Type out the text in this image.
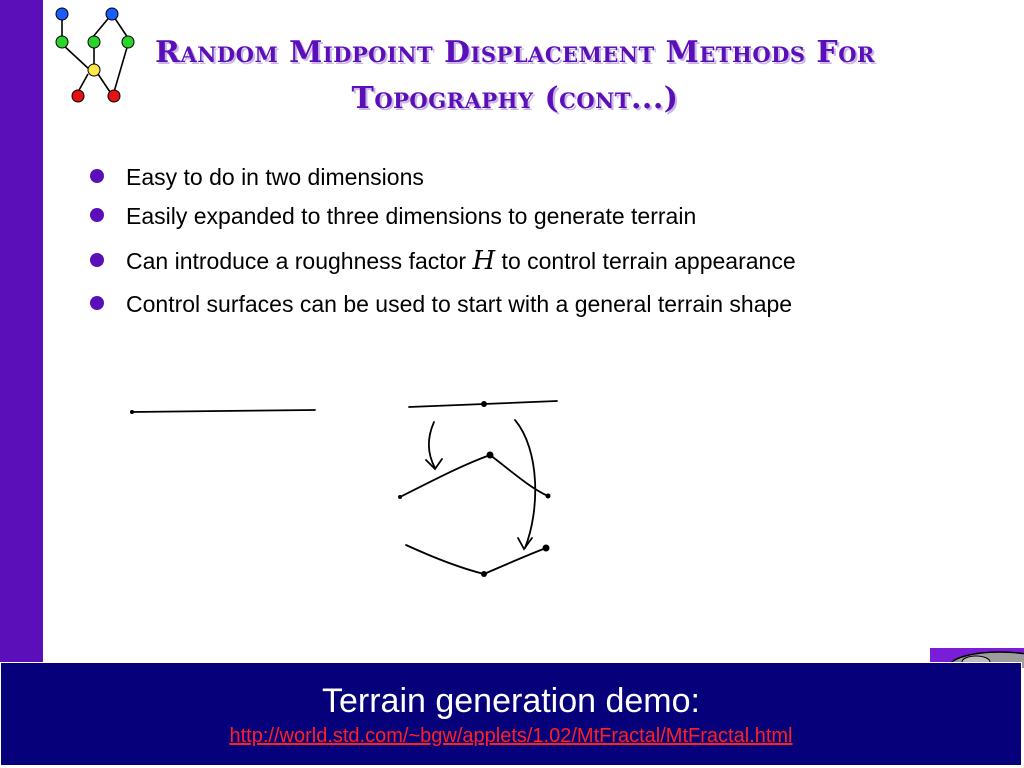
Random Midpoint Displacement Methods For
Topography (cont...)
Easy to do in two dimensions
Easily expanded to three dimensions to generate terrain
Can introduce a roughness factor H to control terrain appearance
Control surfaces can be used to start with a general terrain shape
Terrain generation demo:
http://world.std.com/~bgw/applets/1.02/MtFractal/MtFractal.html
